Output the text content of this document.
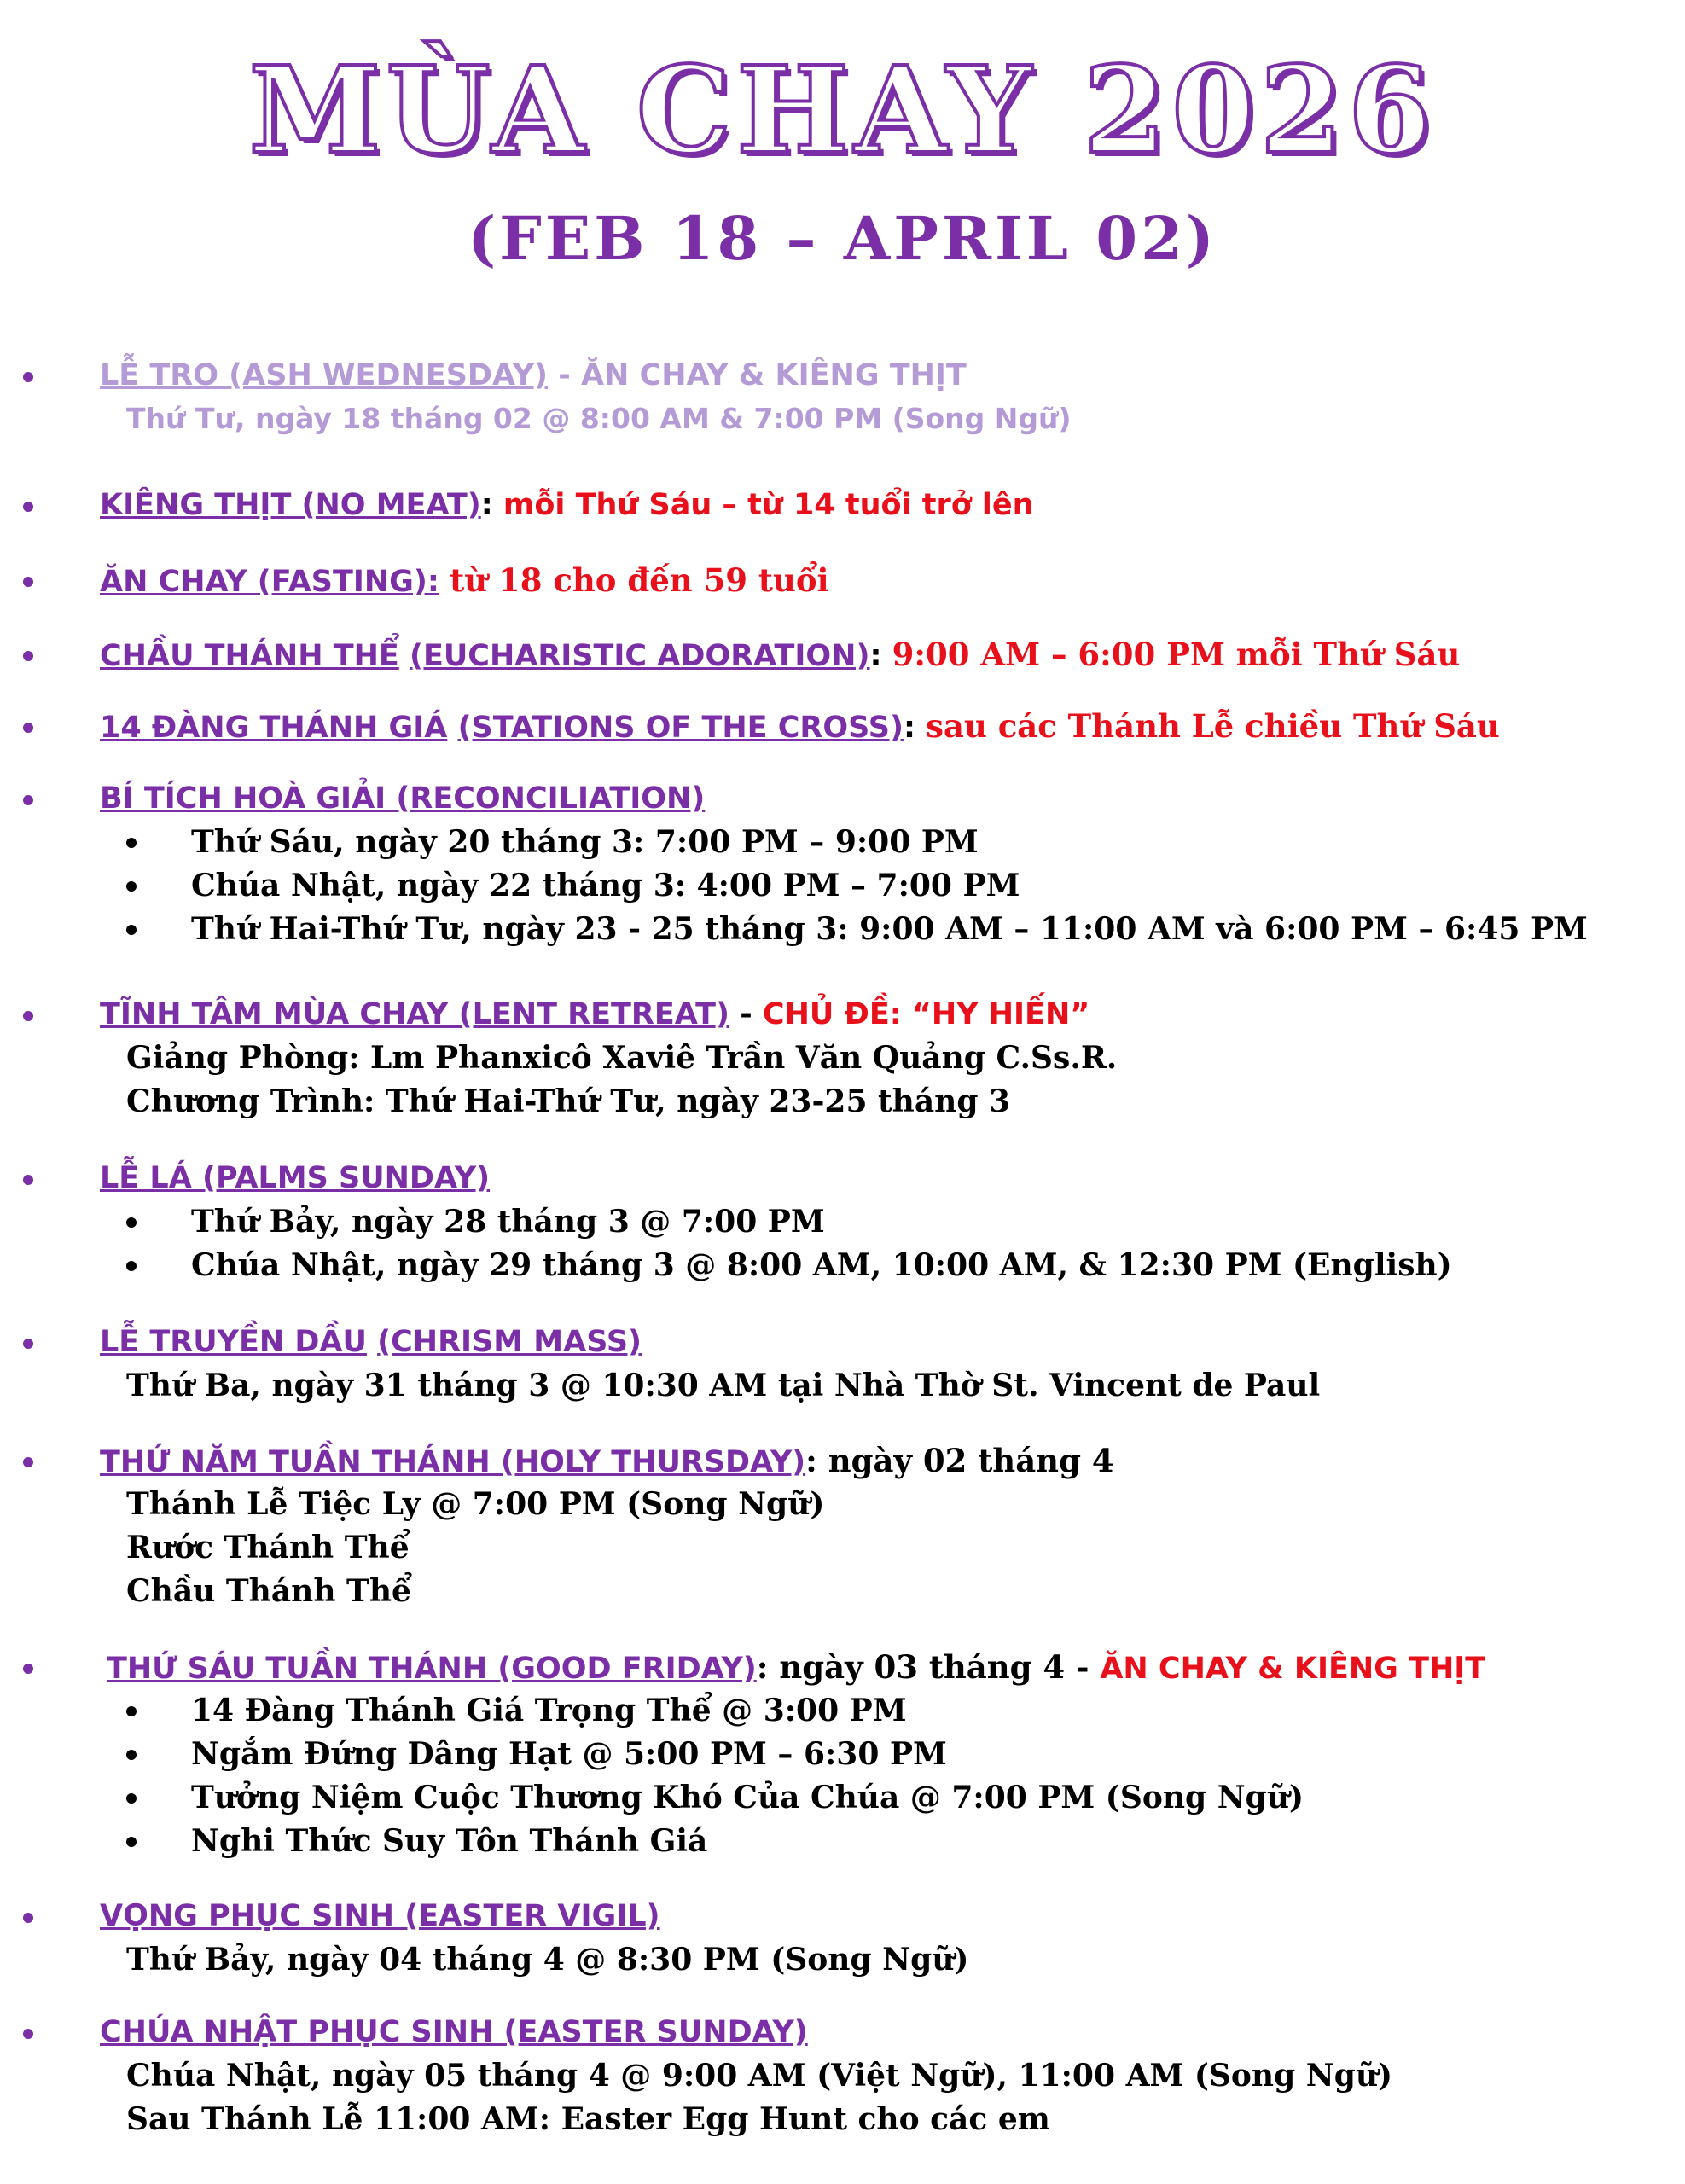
MÙA CHAY 2026
(FEB 18 – APRIL 02)
LỄ TRO (ASH WEDNESDAY) - ĂN CHAY & KIÊNG THỊT
Thứ Tư, ngày 18 tháng 02 @ 8:00 AM & 7:00 PM (Song Ngữ)
KIÊNG THỊT (NO MEAT): mỗi Thứ Sáu – từ 14 tuổi trở lên
ĂN CHAY (FASTING): từ 18 cho đến 59 tuổi
CHẦU THÁNH THỂ (EUCHARISTIC ADORATION): 9:00 AM – 6:00 PM mỗi Thứ Sáu
14 ĐÀNG THÁNH GIÁ (STATIONS OF THE CROSS): sau các Thánh Lễ chiều Thứ Sáu
BÍ TÍCH HOÀ GIẢI (RECONCILIATION)
Thứ Sáu, ngày 20 tháng 3: 7:00 PM – 9:00 PM
Chúa Nhật, ngày 22 tháng 3: 4:00 PM – 7:00 PM
Thứ Hai-Thứ Tư, ngày 23 - 25 tháng 3: 9:00 AM – 11:00 AM và 6:00 PM – 6:45 PM
TĨNH TÂM MÙA CHAY (LENT RETREAT) - CHỦ ĐỀ: “HY HIẾN”
Giảng Phòng: Lm Phanxicô Xaviê Trần Văn Quảng C.Ss.R.
Chương Trình: Thứ Hai-Thứ Tư, ngày 23-25 tháng 3
LỄ LÁ (PALMS SUNDAY)
Thứ Bảy, ngày 28 tháng 3 @ 7:00 PM
Chúa Nhật, ngày 29 tháng 3 @ 8:00 AM, 10:00 AM, & 12:30 PM (English)
LỄ TRUYỀN DẦU (CHRISM MASS)
Thứ Ba, ngày 31 tháng 3 @ 10:30 AM tại Nhà Thờ St. Vincent de Paul
THỨ NĂM TUẦN THÁNH (HOLY THURSDAY): ngày 02 tháng 4
Thánh Lễ Tiệc Ly @ 7:00 PM (Song Ngữ)
Rước Thánh Thể
Chầu Thánh Thể
THỨ SÁU TUẦN THÁNH (GOOD FRIDAY): ngày 03 tháng 4 - ĂN CHAY & KIÊNG THỊT
14 Đàng Thánh Giá Trọng Thể @ 3:00 PM
Ngắm Đứng Dâng Hạt @ 5:00 PM – 6:30 PM
Tưởng Niệm Cuộc Thương Khó Của Chúa @ 7:00 PM (Song Ngữ)
Nghi Thức Suy Tôn Thánh Giá
VỌNG PHỤC SINH (EASTER VIGIL)
Thứ Bảy, ngày 04 tháng 4 @ 8:30 PM (Song Ngữ)
CHÚA NHẬT PHỤC SINH (EASTER SUNDAY)
Chúa Nhật, ngày 05 tháng 4 @ 9:00 AM (Việt Ngữ), 11:00 AM (Song Ngữ)
Sau Thánh Lễ 11:00 AM: Easter Egg Hunt cho các em
